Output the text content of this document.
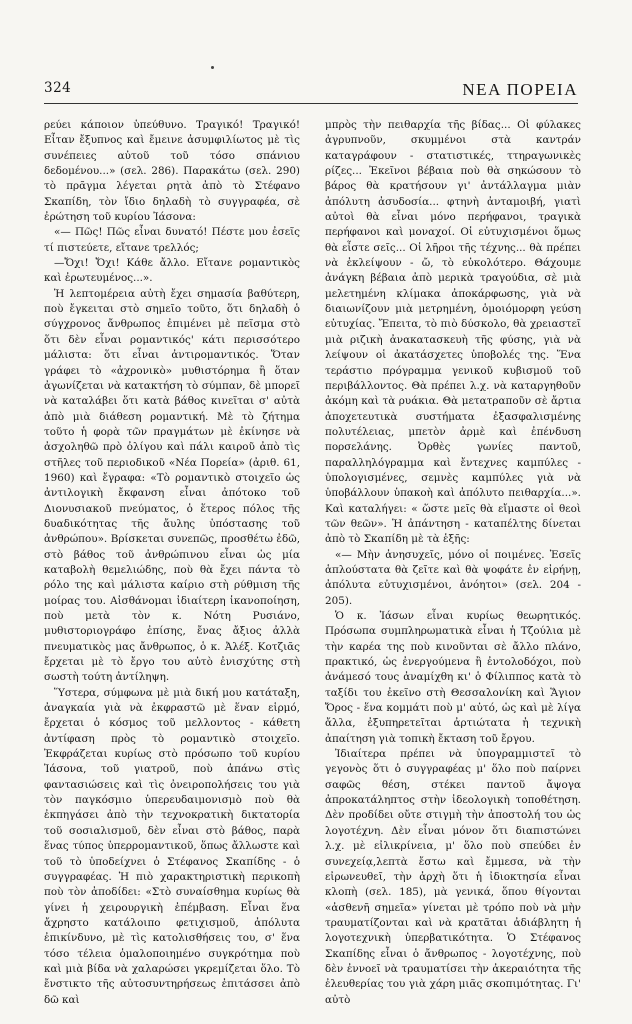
324	ΝΕΑ ΠΟΡΕΙΑ

ρεύει κάποιον ὑπεύθυνο. Τραγικό! Τραγικό! Εἶταν ἔξυπνος καὶ ἔμεινε ἀσυμφιλίωτος μὲ τὶς συνέπειες αὐτοῦ τοῦ τόσο σπάνιου δεδομένου...» (σελ. 286). Παρακάτω (σελ. 290) τὸ πρᾶγμα λέγεται ρητὰ ἀπὸ τὸ Στέφανο Σκαπίδη, τὸν ἴδιο δηλαδὴ τὸ συγγραφέα, σὲ ἐρώτηση τοῦ κυρίου Ἰάσονα:

«— Πῶς! Πῶς εἶναι δυνατό! Πέστε μου ἐσεῖς τί πιστεύετε, εἴτανε τρελλός;

—Ὄχι! Ὄχι! Κάθε ἄλλο. Εἴτανε ρομαντικὸς καὶ ἐρωτευμένος...».

Ἡ λεπτομέρεια αὐτὴ ἔχει σημασία βαθύτερη, ποὺ ἔγκειται στὸ σημεῖο τοῦτο, ὅτι δηλαδὴ ὁ σύγχρονος ἄνθρωπος ἐπιμένει μὲ πεῖσμα στὸ ὅτι δὲν εἶναι ρομαντικός' κάτι περισσότερο μάλιστα: ὅτι εἶναι ἀντιρομαντικός. Ὅταν γράφει τὸ «ἀχρονικὸ» μυθιστόρημα ἢ ὅταν ἀγωνίζεται νὰ κατακτήση τὸ σύμπαν, δὲ μπορεῖ νὰ καταλάβει ὅτι κατὰ βάθος κινεῖται σ' αὐτὰ ἀπὸ μιὰ διάθεση ρομαντική. Μὲ τὸ ζήτημα τοῦτο ἡ φορὰ τῶν πραγμάτων μὲ ἐκίνησε νὰ ἀσχοληθῶ πρὸ ὀλίγου καὶ πάλι καιροῦ ἀπὸ τὶς στῆλες τοῦ περιοδικοῦ «Νέα Πορεία» (ἀριθ. 61, 1960) καὶ ἔγραφα: «Τὸ ρομαντικὸ στοιχεῖο ὡς ἀντιλογικὴ ἔκφανση εἶναι ἀπότοκο τοῦ Διονυσιακοῦ πνεύματος, ὁ ἕτερος πόλος τῆς δυαδικότητας τῆς ἄυλης ὑπόστασης τοῦ ἀνθρώπου». Βρίσκεται συνεπῶς, προσθέτω ἐδῶ, στὸ βάθος τοῦ ἀνθρώπινου εἶναι ὡς μία καταβολὴ θεμελιώδης, ποὺ θὰ ἔχει πάντα τὸ ρόλο της καὶ μάλιστα καίριο στὴ ρύθμιση τῆς μοίρας του. Αἰσθάνομαι ἰδιαίτερη ἱκανοποίηση, ποὺ μετὰ τὸν κ. Νότη Ρυσιάνο, μυθιστοριογράφο ἐπίσης, ἔνας ἄξιος ἀλλὰ πνευματικὸς μας ἄνθρωπος, ὁ κ. Ἀλέξ. Κοτζιᾶς ἔρχεται μὲ τὸ ἔργο του αὐτὸ ἐνισχύτης στὴ σωστὴ τούτη ἀντίληψη.

Ὕστερα, σύμφωνα μὲ μιὰ δική μου κατάταξη, ἀναγκαία γιὰ νὰ ἐκφραστῶ μὲ ἕναν εἱρμό, ἔρχεται ὁ κόσμος τοῦ μελλοντος - κάθετη ἀντίφαση πρὸς τὸ ρομαντικὸ στοιχεῖο. Ἐκφράζεται κυρίως στὸ πρόσωπο τοῦ κυρίου Ἰάσονα, τοῦ γιατροῦ, ποὺ ἀπάνω στὶς φαντασιώσεις καὶ τὶς ὀνειροπολήσεις του γιὰ τὸν παγκόσμιο ὑπερευδαιμονισμὸ ποὺ θὰ ἐκπηγάσει ἀπὸ τὴν τεχνοκρατικὴ δικτατορία τοῦ σοσιαλισμοῦ, δὲν εἶναι στὸ βάθος, παρὰ ἕνας τύπος ὑπερρομαντικοῦ, ὅπως ἄλλωστε καὶ τοῦ τὸ ὑποδείχνει ὁ Στέφανος Σκαπίδης - ὁ συγγραφέας. Ἡ πιὸ χαρακτηριστικὴ περικοπὴ ποὺ τὸν ἀποδίδει: «Στὸ συναίσθημα κυρίως θὰ γίνει ἡ χειρουργικὴ ἐπέμβαση. Εἶναι ἕνα ἄχρηστο κατάλοιπο φετιχισμοῦ, ἀπόλυτα ἐπικίνδυνο, μὲ τὶς κατολισθήσεις του, σ' ἕνα τόσο τέλεια ὁμαλοποιημένο συγκρότημα ποὺ καὶ μιὰ βίδα νὰ χαλαρώσει γκρεμίζεται ὅλο. Τὸ ἔνστικτο τῆς αὐτοσυντηρήσεως ἐπιτάσσει ἀπὸ δῶ καὶ

μπρὸς τὴν πειθαρχία τῆς βίδας... Οἱ φύλακες ἀγρυπνοῦν, σκυμμένοι στὰ καντράν καταγράφουν - στατιστικές, ττηραγωνικὲς ρίζες... Ἐκεῖνοι βέβαια ποὺ θὰ σηκώσουν τὸ βάρος θὰ κρατήσουν γι' ἀντάλλαγμα μιὰν ἀπόλυτη ἀσυδοσία... φτηνὴ ἀνταμοιβή, γιατὶ αὐτοὶ θὰ εἶναι μόνο περήφανοι, τραγικὰ περήφανοι καὶ μοναχοί. Οἱ εὐτυχισμένοι ὅμως θὰ εἶστε σεῖς... Οἱ λῆροι τῆς τέχνης... θὰ πρέπει νὰ ἐκλείψουν - ὤ, τὸ εὐκολότερο. Θάχουμε ἀνάγκη βέβαια ἀπὸ μερικὰ τραγούδια, σὲ μιὰ μελετημένη κλίμακα ἀποκάρφωσης, γιὰ νὰ διαιωνίζουν μιὰ μετρημένη, ὁμοιόμορφη γεύση εὐτυχίας. Ἔπειτα, τὸ πιὸ δύσκολο, θὰ χρειαστεῖ μιὰ ριζικὴ ἀνακατασκευὴ τῆς φύσης, γιὰ νὰ λείψουν οἱ ἀκατάσχετες ὑποβολές της. Ἕνα τεράστιο πρόγραμμα γενικοῦ κυβισμοῦ τοῦ περιβάλλοντος. Θὰ πρέπει λ.χ. νὰ καταργηθοῦν ἀκόμη καὶ τὰ ρυάκια. Θὰ μετατραποῦν σὲ ἄρτια ἀποχετευτικὰ συστήματα ἐξασφαλισμένης πολυτέλειας, μπετὸν ἀρμὲ καὶ ἐπένδυση πορσελάνης. Ὀρθὲς γωνίες παντοῦ, παραλληλόγραμμα καὶ ἔντεχνες καμπύλες - ὑπολογισμένες, σεμνὲς καμπύλες γιὰ νὰ ὑποβάλλουν ὑπακοὴ καὶ ἀπόλυτο πειθαρχία...». Καὶ καταλήγει: « ὥστε μεῖς θὰ εἴμαστε οἱ θεοὶ τῶν θεῶν». Ἡ ἀπάντηση - καταπέλτης δίνεται ἀπὸ τὸ Σκαπίδη μὲ τὰ ἑξῆς:

«— Μὴν ἀνησυχεῖς, μόνο οἱ ποιμένες. Ἐσεῖς ἁπλούστατα θὰ ζεῖτε καὶ θὰ ψοφάτε ἐν εἰρήνῃ, ἀπόλυτα εὐτυχισμένοι, ἀνόητοι» (σελ. 204 - 205).

Ὁ κ. Ἰάσων εἶναι κυρίως θεωρητικός. Πρόσωπα συμπληρωματικὰ εἶναι ἡ Τζούλια μὲ τὴν καρέα της ποὺ κινοῦνται σὲ ἄλλο πλάνο, πρακτικό, ὡς ἐνεργούμενα ἢ ἐντολοδόχοι, ποὺ ἀνάμεσό τους ἀναμίχθη κι' ὁ Φίλιππος κατὰ τὸ ταξίδι του ἐκεῖνο στὴ Θεσσαλονίκη καὶ Ἅγιον Ὄρος - ἕνα κομμάτι ποὺ μ' αὐτό, ὡς καὶ μὲ λίγα ἄλλα, ἐξυπηρετεῖται ἀρτιώτατα ἡ τεχνικὴ ἀπαίτηση γιὰ τοπικὴ ἔκταση τοῦ ἔργου.

Ἰδιαίτερα πρέπει νὰ ὑπογραμμιστεῖ τὸ γεγονὸς ὅτι ὁ συγγραφέας μ' ὅλο ποὺ παίρνει σαφῶς θέση, στέκει παντοῦ ἄψογα ἀπροκατάληπτος στὴν ἰδεολογικὴ τοποθέτηση. Δὲν προδίδει οὔτε στιγμὴ τὴν ἀποστολή του ὡς λογοτέχνη. Δὲν εἶναι μόνον ὅτι διαπιστώνει λ.χ. μὲ εἰλικρίνεια, μ' ὅλο ποὺ σπεύδει ἐν συνεχείᾳ,λεπτὰ ἔστω καὶ ἔμμεσα, νὰ τὴν εἰρωνευθεῖ, τὴν ἀρχὴ ὅτι ἡ ἰδιοκτησία εἶναι κλοπὴ (σελ. 185), μὰ γενικά, ὅπου θίγονται «ἀσθενῆ σημεῖα» γίνεται μὲ τρόπο ποὺ νὰ μὴν τραυματίζονται καὶ νὰ κρατᾶται ἀδιάβλητη ἡ λογοτεχνικὴ ὑπερβατικότητα. Ὁ Στέφανος Σκαπίδης εἶναι ὁ ἄνθρωπος - λογοτέχνης, ποὺ δὲν ἐννοεῖ νὰ τραυματίσει τὴν ἀκεραιότητα τῆς ἐλευθερίας του γιὰ χάρη μιᾶς σκοπιμότητας. Γι' αὐτὸ
